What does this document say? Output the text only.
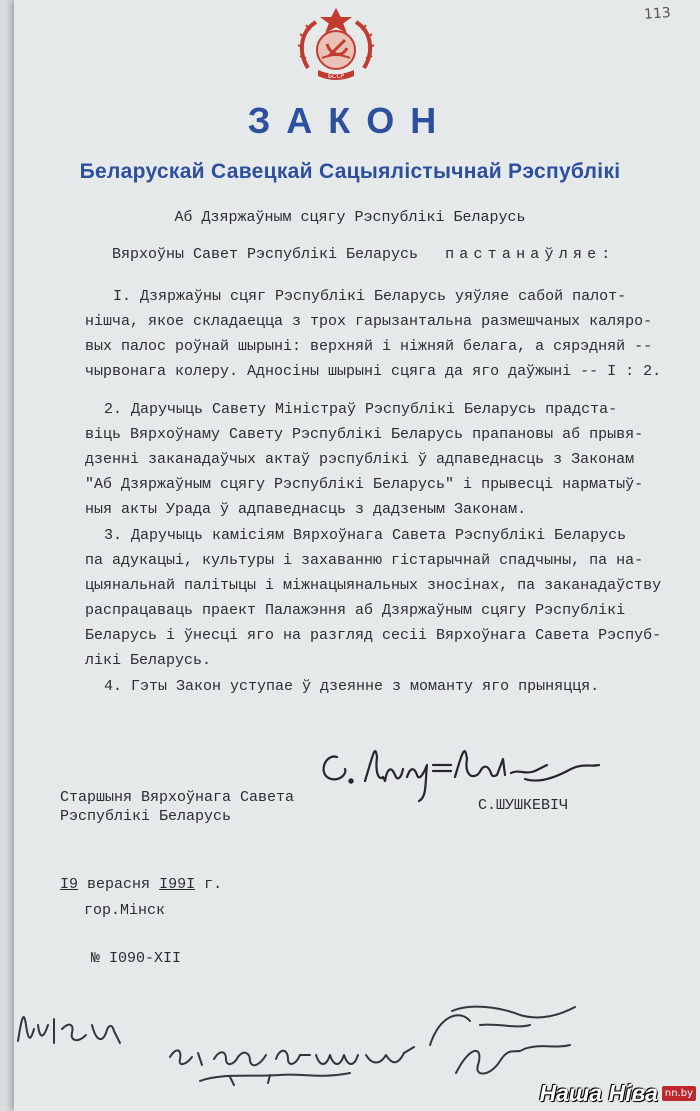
113
БССР
ЗАКОН
Беларускай Савецкай Сацыялістычнай Рэспублікі
Аб Дзяржаўным сцягу Рэспублікі Беларусь
Вярхоўны Савет Рэспублікі Беларусь пастанаўляе:
І. Дзяржаўны сцяг Рэспублікі Беларусь уяўляе сабой палот-
нішча, якое складаецца з трох гарызантальна размешчаных каляро-
вых палос роўнай шырыні: верхняй і ніжняй белага, а сярэдняй --
чырвонага колеру. Адносіны шырыні сцяга да яго даўжыні -- І : 2.
2. Даручыць Савету Міністраў Рэспублікі Беларусь прадста-
віць Вярхоўнаму Савету Рэспублікі Беларусь прапановы аб прывя-
дзенні заканадаўчых актаў рэспублікі ў адпаведнасць з Законам
"Аб Дзяржаўным сцягу Рэспублікі Беларусь" і прывесці нарматыў-
ныя акты Урада ў адпаведнасць з дадзеным Законам.
3. Даручыць камісіям Вярхоўнага Савета Рэспублікі Беларусь
па адукацыі, культуры і захаванню гістарычнай спадчыны, па на-
цыянальнай палітыцы і міжнацыянальных зносінах, па заканадаўству
распрацаваць праект Палажэння аб Дзяржаўным сцягу Рэспублікі
Беларусь і ўнесці яго на разгляд сесіі Вярхоўнага Савета Рэспуб-
лікі Беларусь.
4. Гэты Закон уступае ў дзеянне з моманту яго прыняцця.
Старшыня Вярхоўнага Савета
Рэспублікі Беларусь
С.ШУШКЕВІЧ
I9 верасня I99I г.
гор.Мінск
№ I090-XII
Наша Ніва nn.by
